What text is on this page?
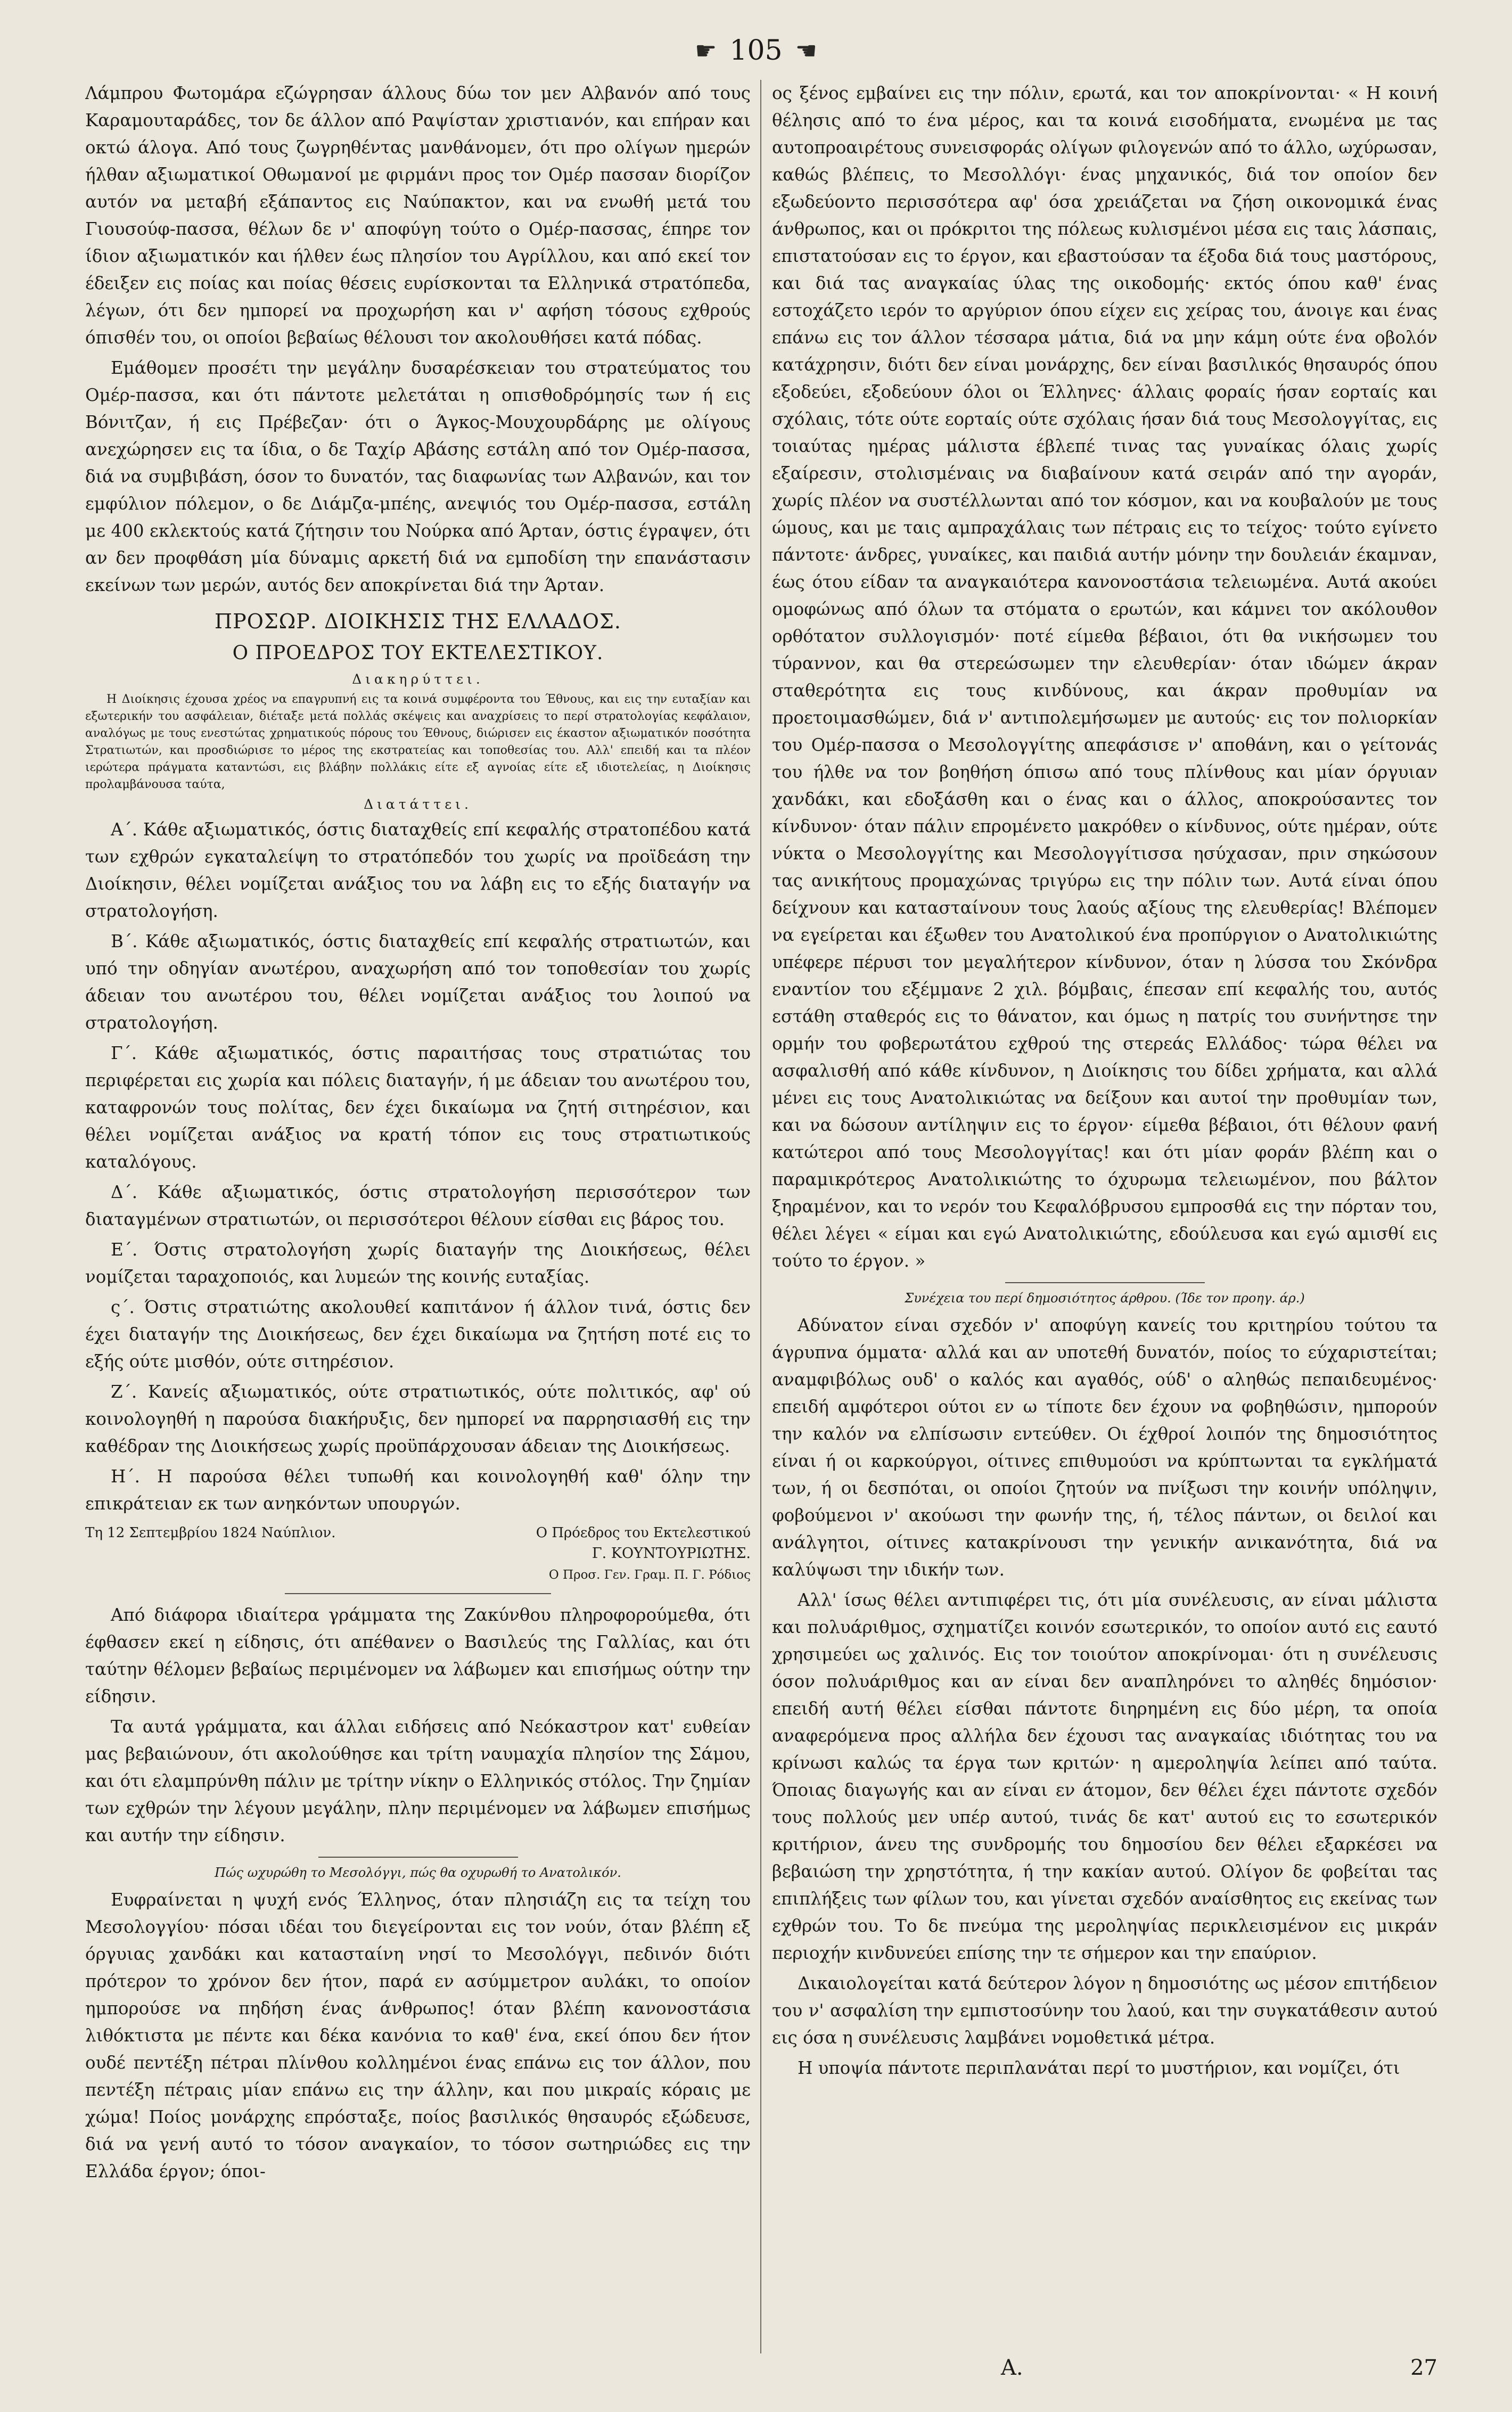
☛ 105 ☚

Λάμπρου Φωτομάρα εζώγρησαν άλλους δύω τον μεν Αλβανόν από τους Καραμουταράδες, τον δε άλλον από Ραψίσταν χριστιανόν, και επήραν και οκτώ άλογα. Από τους ζωγρηθέντας μανθάνομεν, ότι προ ολίγων ημερών ήλθαν αξιωματικοί Οθωμανοί με φιρμάνι προς τον Ομέρ πασσαν διορίζον αυτόν να μεταβή εξάπαντος εις Ναύπακτον, και να ενωθή μετά του Γιουσούφ-πασσα, θέλων δε ν' αποφύγη τούτο ο Ομέρ-πασσας, έπηρε τον ίδιον αξιωματικόν και ήλθεν έως πλησίον του Αγρίλλου, και από εκεί τον έδειξεν εις ποίας και ποίας θέσεις ευρίσκονται τα Ελληνικά στρατόπεδα, λέγων, ότι δεν ημπορεί να προχωρήση και ν' αφήση τόσους εχθρούς όπισθέν του, οι οποίοι βεβαίως θέλουσι τον ακολουθήσει κατά πόδας.

Εμάθομεν προσέτι την μεγάλην δυσαρέσκειαν του στρατεύματος του Ομέρ-πασσα, και ότι πάντοτε μελετάται η οπισθοδρόμησίς των ή εις Βόνιτζαν, ή εις Πρέβεζαν· ότι ο Άγκος-Μουχουρδάρης με ολίγους ανεχώρησεν εις τα ίδια, ο δε Ταχίρ Αβάσης εστάλη από τον Ομέρ-πασσα, διά να συμβιβάση, όσον το δυνατόν, τας διαφωνίας των Αλβανών, και τον εμφύλιον πόλεμον, ο δε Διάμζα-μπέης, ανεψιός του Ομέρ-πασσα, εστάλη με 400 εκλεκτούς κατά ζήτησιν του Νούρκα από Άρταν, όστις έγραψεν, ότι αν δεν προφθάση μία δύναμις αρκετή διά να εμποδίση την επανάστασιν εκείνων των μερών, αυτός δεν αποκρίνεται διά την Άρταν.

ΠΡΟΣΩΡ. ΔΙΟΙΚΗΣΙΣ ΤΗΣ ΕΛΛΑΔΟΣ.
Ο ΠΡΟΕΔΡΟΣ ΤΟΥ ΕΚΤΕΛΕΣΤΙΚΟΥ.
Διακηρύττει.

Η Διοίκησις έχουσα χρέος να επαγρυπνή εις τα κοινά συμφέροντα του Έθνους, και εις την ευταξίαν και εξωτερικήν του ασφάλειαν, διέταξε μετά πολλάς σκέψεις και αναχρίσεις το περί στρατολογίας κεφάλαιον, αναλόγως με τους ενεστώτας χρηματικούς πόρους του Έθνους, διώρισεν εις έκαστον αξιωματικόν ποσότητα Στρατιωτών, και προσδιώρισε το μέρος της εκστρατείας και τοποθεσίας του. Αλλ' επειδή και τα πλέον ιερώτερα πράγματα καταντώσι, εις βλάβην πολλάκις είτε εξ αγνοίας είτε εξ ιδιοτελείας, η Διοίκησις προλαμβάνουσα ταύτα,

Διατάττει.

Α΄. Κάθε αξιωματικός, όστις διαταχθείς επί κεφαλής στρατοπέδου κατά των εχθρών εγκαταλείψη το στρατόπεδόν του χωρίς να προϊδεάση την Διοίκησιν, θέλει νομίζεται ανάξιος του να λάβη εις το εξής διαταγήν να στρατολογήση.

Β΄. Κάθε αξιωματικός, όστις διαταχθείς επί κεφαλής στρατιωτών, και υπό την οδηγίαν ανωτέρου, αναχωρήση από τον τοποθεσίαν του χωρίς άδειαν του ανωτέρου του, θέλει νομίζεται ανάξιος του λοιπού να στρατολογήση.

Γ΄. Κάθε αξιωματικός, όστις παραιτήσας τους στρατιώτας του περιφέρεται εις χωρία και πόλεις διαταγήν, ή με άδειαν του ανωτέρου του, καταφρονών τους πολίτας, δεν έχει δικαίωμα να ζητή σιτηρέσιον, και θέλει νομίζεται ανάξιος να κρατή τόπον εις τους στρατιωτικούς καταλόγους.

Δ΄. Κάθε αξιωματικός, όστις στρατολογήση περισσότερον των διαταγμένων στρατιωτών, οι περισσότεροι θέλουν είσθαι εις βάρος του.

Ε΄. Όστις στρατολογήση χωρίς διαταγήν της Διοικήσεως, θέλει νομίζεται ταραχοποιός, και λυμεών της κοινής ευταξίας.

ς΄. Όστις στρατιώτης ακολουθεί καπιτάνον ή άλλον τινά, όστις δεν έχει διαταγήν της Διοικήσεως, δεν έχει δικαίωμα να ζητήση ποτέ εις το εξής ούτε μισθόν, ούτε σιτηρέσιον.

Ζ΄. Κανείς αξιωματικός, ούτε στρατιωτικός, ούτε πολιτικός, αφ' ού κοινολογηθή η παρούσα διακήρυξις, δεν ημπορεί να παρρησιασθή εις την καθέδραν της Διοικήσεως χωρίς προϋπάρχουσαν άδειαν της Διοικήσεως.

Η΄. Η παρούσα θέλει τυπωθή και κοινολογηθή καθ' όλην την επικράτειαν εκ των ανηκόντων υπουργών.

Τη 12 Σεπτεμβρίου 1824 Ναύπλιον.	Ο Πρόεδρος του Εκτελεστικού
Γ. ΚΟΥΝΤΟΥΡΙΩΤΗΣ.
Ο Προσ. Γεν. Γραμ. Π. Γ. Ρόδιος

Από διάφορα ιδιαίτερα γράμματα της Ζακύνθου πληροφορούμεθα, ότι έφθασεν εκεί η είδησις, ότι απέθανεν ο Βασιλεύς της Γαλλίας, και ότι ταύτην θέλομεν βεβαίως περιμένομεν να λάβωμεν και επισήμως ούτην την είδησιν.

Τα αυτά γράμματα, και άλλαι ειδήσεις από Νεόκαστρον κατ' ευθείαν μας βεβαιώνουν, ότι ακολούθησε και τρίτη ναυμαχία πλησίον της Σάμου, και ότι ελαμπρύνθη πάλιν με τρίτην νίκην ο Ελληνικός στόλος. Την ζημίαν των εχθρών την λέγουν μεγάλην, πλην περιμένομεν να λάβωμεν επισήμως και αυτήν την είδησιν.

Πώς ωχυρώθη το Μεσολόγγι, πώς θα οχυρωθή το Ανατολικόν.

Ευφραίνεται η ψυχή ενός Έλληνος, όταν πλησιάζη εις τα τείχη του Μεσολογγίου· πόσαι ιδέαι του διεγείρονται εις τον νούν, όταν βλέπη εξ όργυιας χανδάκι και κατασταίνη νησί το Μεσολόγγι, πεδινόν διότι πρότερον το χρόνον δεν ήτον, παρά εν ασύμμετρον αυλάκι, το οποίον ημπορούσε να πηδήση ένας άνθρωπος! όταν βλέπη κανονοστάσια λιθόκτιστα με πέντε και δέκα κανόνια το καθ' ένα, εκεί όπου δεν ήτον ουδέ πεντέξη πέτραι πλίνθου κολλημένοι ένας επάνω εις τον άλλον, που πεντέξη πέτραις μίαν επάνω εις την άλλην, και που μικραίς κόραις με χώμα! Ποίος μονάρχης επρόσταξε, ποίος βασιλικός θησαυρός εξώδευσε, διά να γενή αυτό το τόσον αναγκαίον, το τόσον σωτηριώδες εις την Ελλάδα έργον; όποι-

ος ξένος εμβαίνει εις την πόλιν, ερωτά, και τον αποκρίνονται· « Η κοινή θέλησις από το ένα μέρος, και τα κοινά εισοδήματα, ενωμένα με τας αυτοπροαιρέτους συνεισφοράς ολίγων φιλογενών από το άλλο, ωχύρωσαν, καθώς βλέπεις, το Μεσολλόγι· ένας μηχανικός, διά τον οποίον δεν εξωδεύοντο περισσότερα αφ' όσα χρειάζεται να ζήση οικονομικά ένας άνθρωπος, και οι πρόκριτοι της πόλεως κυλισμένοι μέσα εις ταις λάσπαις, επιστατούσαν εις το έργον, και εβαστούσαν τα έξοδα διά τους μαστόρους, και διά τας αναγκαίας ύλας της οικοδομής· εκτός όπου καθ' ένας εστοχάζετο ιερόν το αργύριον όπου είχεν εις χείρας του, άνοιγε και ένας επάνω εις τον άλλον τέσσαρα μάτια, διά να μην κάμη ούτε ένα οβολόν κατάχρησιν, διότι δεν είναι μονάρχης, δεν είναι βασιλικός θησαυρός όπου εξοδεύει, εξοδεύουν όλοι οι Έλληνες· άλλαις φοραίς ήσαν εορταίς και σχόλαις, τότε ούτε εορταίς ούτε σχόλαις ήσαν διά τους Μεσολογγίτας, εις τοιαύτας ημέρας μάλιστα έβλεπέ τινας τας γυναίκας όλαις χωρίς εξαίρεσιν, στολισμέναις να διαβαίνουν κατά σειράν από την αγοράν, χωρίς πλέον να συστέλλωνται από τον κόσμον, και να κουβαλούν με τους ώμους, και με ταις αμπραχάλαις των πέτραις εις το τείχος· τούτο εγίνετο πάντοτε· άνδρες, γυναίκες, και παιδιά αυτήν μόνην την δουλειάν έκαμναν, έως ότου είδαν τα αναγκαιότερα κανονοστάσια τελειωμένα. Αυτά ακούει ομοφώνως από όλων τα στόματα ο ερωτών, και κάμνει τον ακόλουθον ορθότατον συλλογισμόν· ποτέ είμεθα βέβαιοι, ότι θα νικήσωμεν του τύραννον, και θα στερεώσωμεν την ελευθερίαν· όταν ιδώμεν άκραν σταθερότητα εις τους κινδύνους, και άκραν προθυμίαν να προετοιμασθώμεν, διά ν' αντιπολεμήσωμεν με αυτούς· εις τον πολιορκίαν του Ομέρ-πασσα ο Μεσολογγίτης απεφάσισε ν' αποθάνη, και ο γείτονάς του ήλθε να τον βοηθήση όπισω από τους πλίνθους και μίαν όργυιαν χανδάκι, και εδοξάσθη και ο ένας και ο άλλος, αποκρούσαντες τον κίνδυνον· όταν πάλιν επρομένετο μακρόθεν ο κίνδυνος, ούτε ημέραν, ούτε νύκτα ο Μεσολογγίτης και Μεσολογγίτισσα ησύχασαν, πριν σηκώσουν τας ανικήτους προμαχώνας τριγύρω εις την πόλιν των. Αυτά είναι όπου δείχνουν και κατασταίνουν τους λαούς αξίους της ελευθερίας! Βλέπομεν να εγείρεται και έξωθεν του Ανατολικού ένα προπύργιον ο Ανατολικιώτης υπέφερε πέρυσι τον μεγαλήτερον κίνδυνον, όταν η λύσσα του Σκόνδρα εναντίον του εξέμμανε 2 χιλ. βόμβαις, έπεσαν επί κεφαλής του, αυτός εστάθη σταθερός εις το θάνατον, και όμως η πατρίς του συνήντησε την ορμήν του φοβερωτάτου εχθρού της στερεάς Ελλάδος· τώρα θέλει να ασφαλισθή από κάθε κίνδυνον, η Διοίκησις του δίδει χρήματα, και αλλά μένει εις τους Ανατολικιώτας να δείξουν και αυτοί την προθυμίαν των, και να δώσουν αντίληψιν εις το έργον· είμεθα βέβαιοι, ότι θέλουν φανή κατώτεροι από τους Μεσολογγίτας! και ότι μίαν φοράν βλέπη και ο παραμικρότερος Ανατολικιώτης το όχυρωμα τελειωμένον, που βάλτον ξηραμένον, και το νερόν του Κεφαλόβρυσου εμπροσθά εις την πόρταν του, θέλει λέγει « είμαι και εγώ Ανατολικιώτης, εδούλευσα και εγώ αμισθί εις τούτο το έργον. »

Συνέχεια του περί δημοσιότητος άρθρου. (Ίδε τον προηγ. άρ.)

Αδύνατον είναι σχεδόν ν' αποφύγη κανείς του κριτηρίου τούτου τα άγρυπνα όμματα· αλλά και αν υποτεθή δυνατόν, ποίος το εύχαριστείται; αναμφιβόλως ουδ' ο καλός και αγαθός, ούδ' ο αληθώς πεπαιδευμένος· επειδή αμφότεροι ούτοι εν ω τίποτε δεν έχουν να φοβηθώσιν, ημπορούν την καλόν να ελπίσωσιν εντεύθεν. Οι έχθροί λοιπόν της δημοσιότητος είναι ή οι καρκούργοι, οίτινες επιθυμούσι να κρύπτωνται τα εγκλήματά των, ή οι δεσπόται, οι οποίοι ζητούν να πνίξωσι την κοινήν υπόληψιν, φοβούμενοι ν' ακούωσι την φωνήν της, ή, τέλος πάντων, οι δειλοί και ανάλγητοι, οίτινες κατακρίνουσι την γενικήν ανικανότητα, διά να καλύψωσι την ιδικήν των.

Αλλ' ίσως θέλει αντιπιφέρει τις, ότι μία συνέλευσις, αν είναι μάλιστα και πολυάριθμος, σχηματίζει κοινόν εσωτερικόν, το οποίον αυτό εις εαυτό χρησιμεύει ως χαλινός. Εις τον τοιούτον αποκρίνομαι· ότι η συνέλευσις όσον πολυάριθμος και αν είναι δεν αναπληρόνει το αληθές δημόσιον· επειδή αυτή θέλει είσθαι πάντοτε διηρημένη εις δύο μέρη, τα οποία αναφερόμενα προς αλλήλα δεν έχουσι τας αναγκαίας ιδιότητας του να κρίνωσι καλώς τα έργα των κριτών· η αμεροληψία λείπει από ταύτα. Όποιας διαγωγής και αν είναι εν άτομον, δεν θέλει έχει πάντοτε σχεδόν τους πολλούς μεν υπέρ αυτού, τινάς δε κατ' αυτού εις το εσωτερικόν κριτήριον, άνευ της συνδρομής του δημοσίου δεν θέλει εξαρκέσει να βεβαιώση την χρηστότητα, ή την κακίαν αυτού. Ολίγον δε φοβείται τας επιπλήξεις των φίλων του, και γίνεται σχεδόν αναίσθητος εις εκείνας των εχθρών του. Το δε πνεύμα της μεροληψίας περικλεισμένον εις μικράν περιοχήν κινδυνεύει επίσης την τε σήμερον και την επαύριον.

Δικαιολογείται κατά δεύτερον λόγον η δημοσιότης ως μέσον επιτήδειον του ν' ασφαλίση την εμπιστοσύνην του λαού, και την συγκατάθεσιν αυτού εις όσα η συνέλευσις λαμβάνει νομοθετικά μέτρα.

Η υποψία πάντοτε περιπλανάται περί το μυστήριον, και νομίζει, ότι

Α.	27
